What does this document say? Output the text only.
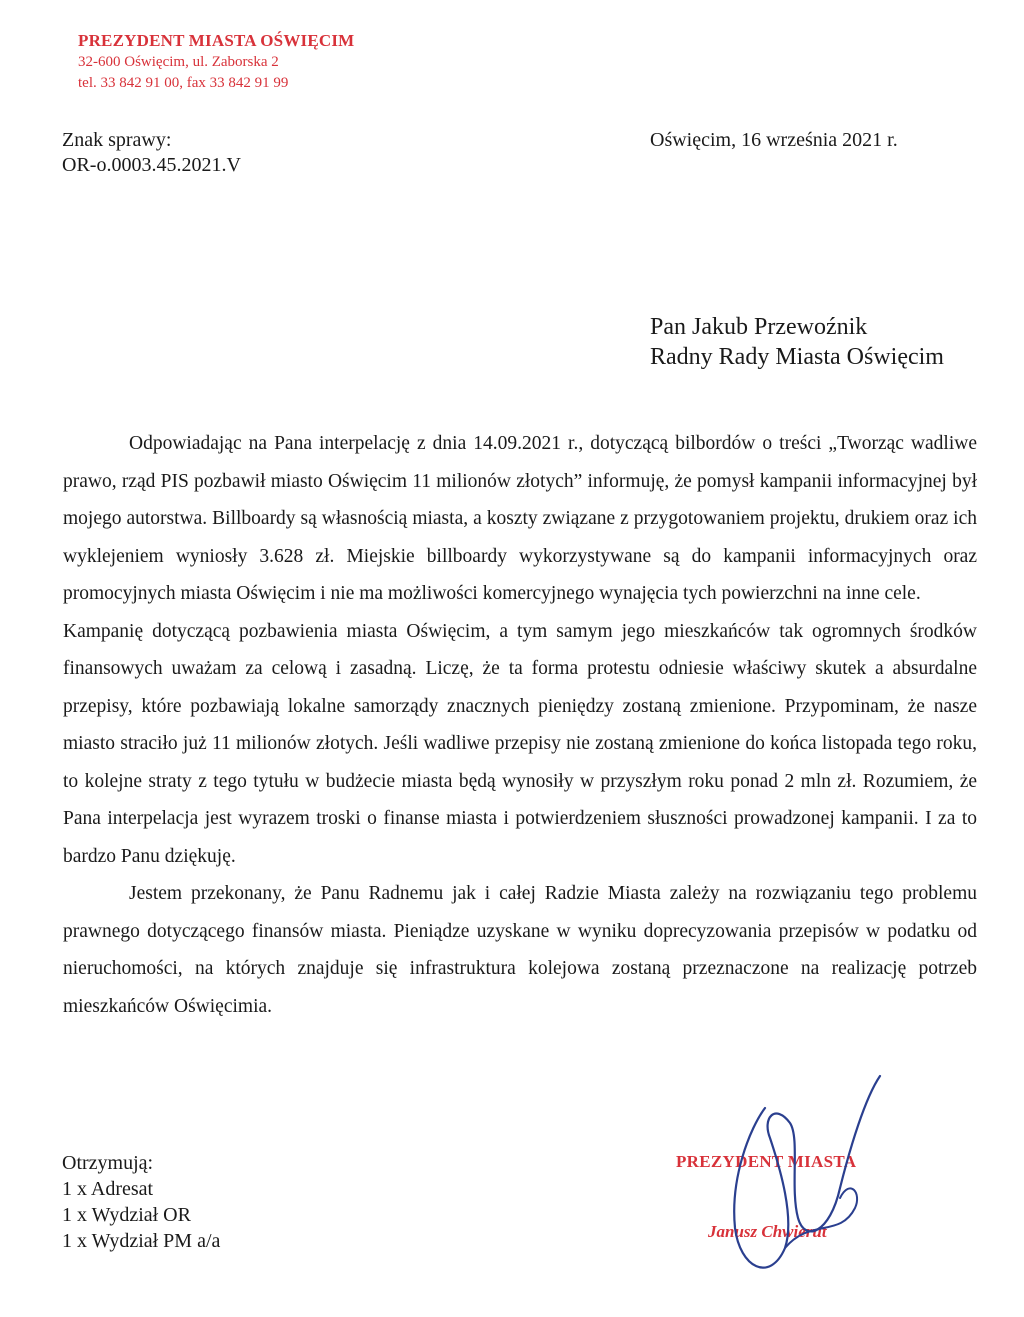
PREZYDENT MIASTA OŚWIĘCIM
32-600 Oświęcim, ul. Zaborska 2
tel. 33 842 91 00, fax 33 842 91 99
Znak sprawy:
OR-o.0003.45.2021.V
Oświęcim, 16 września 2021 r.
Pan Jakub Przewoźnik
Radny Rady Miasta Oświęcim

Odpowiadając na Pana interpelację z dnia 14.09.2021 r., dotyczącą bilbordów o treści „Tworząc wadliwe prawo, rząd PIS pozbawił miasto Oświęcim 11 milionów złotych” informuję, że pomysł kampanii informacyjnej był mojego autorstwa. Billboardy są własnością miasta, a koszty związane z przygotowaniem projektu, drukiem oraz ich wyklejeniem wyniosły 3.628 zł. Miejskie billboardy wykorzystywane są do kampanii informacyjnych oraz promocyjnych miasta Oświęcim i nie ma możliwości komercyjnego wynajęcia tych powierzchni na inne cele.

Kampanię dotyczącą pozbawienia miasta Oświęcim, a tym samym jego mieszkańców tak ogromnych środków finansowych uważam za celową i zasadną. Liczę, że ta forma protestu odniesie właściwy skutek a absurdalne przepisy, które pozbawiają lokalne samorządy znacznych pieniędzy zostaną zmienione. Przypominam, że nasze miasto straciło już 11 milionów złotych. Jeśli wadliwe przepisy nie zostaną zmienione do końca listopada tego roku, to kolejne straty z tego tytułu w budżecie miasta będą wynosiły w przyszłym roku ponad 2 mln zł. Rozumiem, że Pana interpelacja jest wyrazem troski o finanse miasta i potwierdzeniem słuszności prowadzonej kampanii. I za to bardzo Panu dziękuję.

Jestem przekonany, że Panu Radnemu jak i całej Radzie Miasta zależy na rozwiązaniu tego problemu prawnego dotyczącego finansów miasta. Pieniądze uzyskane w wyniku doprecyzowania przepisów w podatku od nieruchomości, na których znajduje się infrastruktura kolejowa zostaną przeznaczone na realizację potrzeb mieszkańców Oświęcimia.

Otrzymują:
1 x Adresat
1 x Wydział OR
1 x Wydział PM a/a
PREZYDENT MIASTA
Janusz Chwierut
